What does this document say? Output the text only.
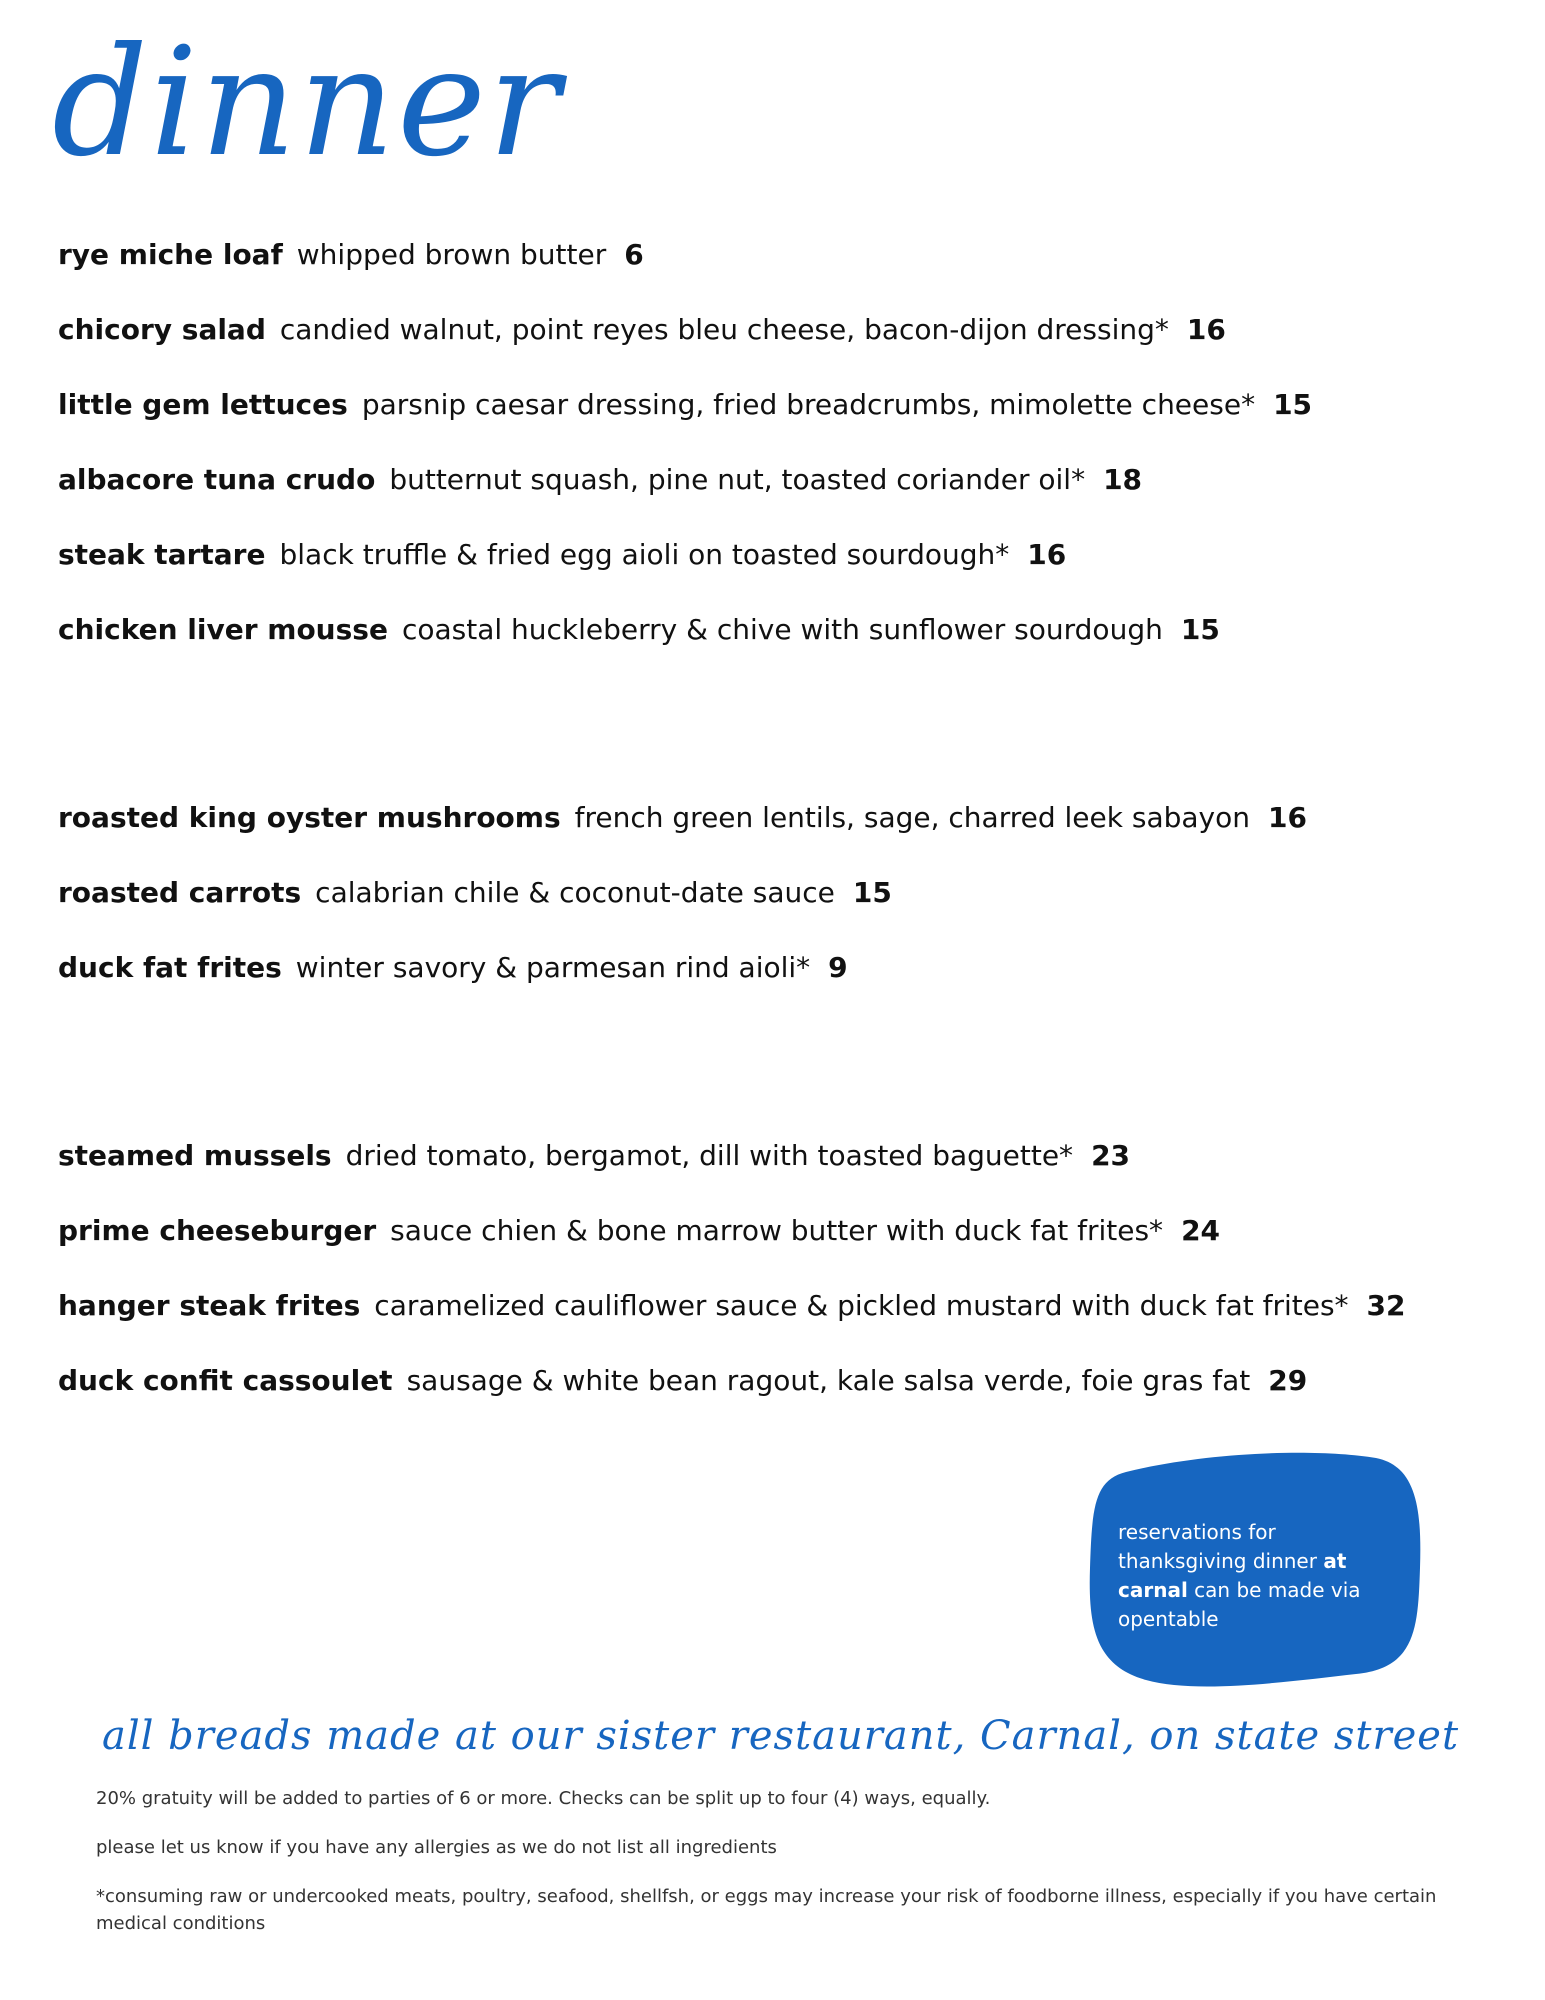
dinner
rye miche loaf whipped brown butter 6
chicory salad candied walnut, point reyes bleu cheese, bacon-dijon dressing* 16
little gem lettuces parsnip caesar dressing, fried breadcrumbs, mimolette cheese* 15
albacore tuna crudo butternut squash, pine nut, toasted coriander oil* 18
steak tartare black truffle & fried egg aioli on toasted sourdough* 16
chicken liver mousse coastal huckleberry & chive with sunflower sourdough 15
roasted king oyster mushrooms french green lentils, sage, charred leek sabayon 16
roasted carrots calabrian chile & coconut-date sauce 15
duck fat frites winter savory & parmesan rind aioli* 9
steamed mussels dried tomato, bergamot, dill with toasted baguette* 23
prime cheeseburger sauce chien & bone marrow butter with duck fat frites* 24
hanger steak frites caramelized cauliflower sauce & pickled mustard with duck fat frites* 32
duck confit cassoulet sausage & white bean ragout, kale salsa verde, foie gras fat 29
reservations for thanksgiving dinner at carnal can be made via opentable
all breads made at our sister restaurant, Carnal, on state street

20% gratuity will be added to parties of 6 or more. Checks can be split up to four (4) ways, equally.

please let us know if you have any allergies as we do not list all ingredients

*consuming raw or undercooked meats, poultry, seafood, shellfsh, or eggs may increase your risk of foodborne illness, especially if you have certain medical conditions
